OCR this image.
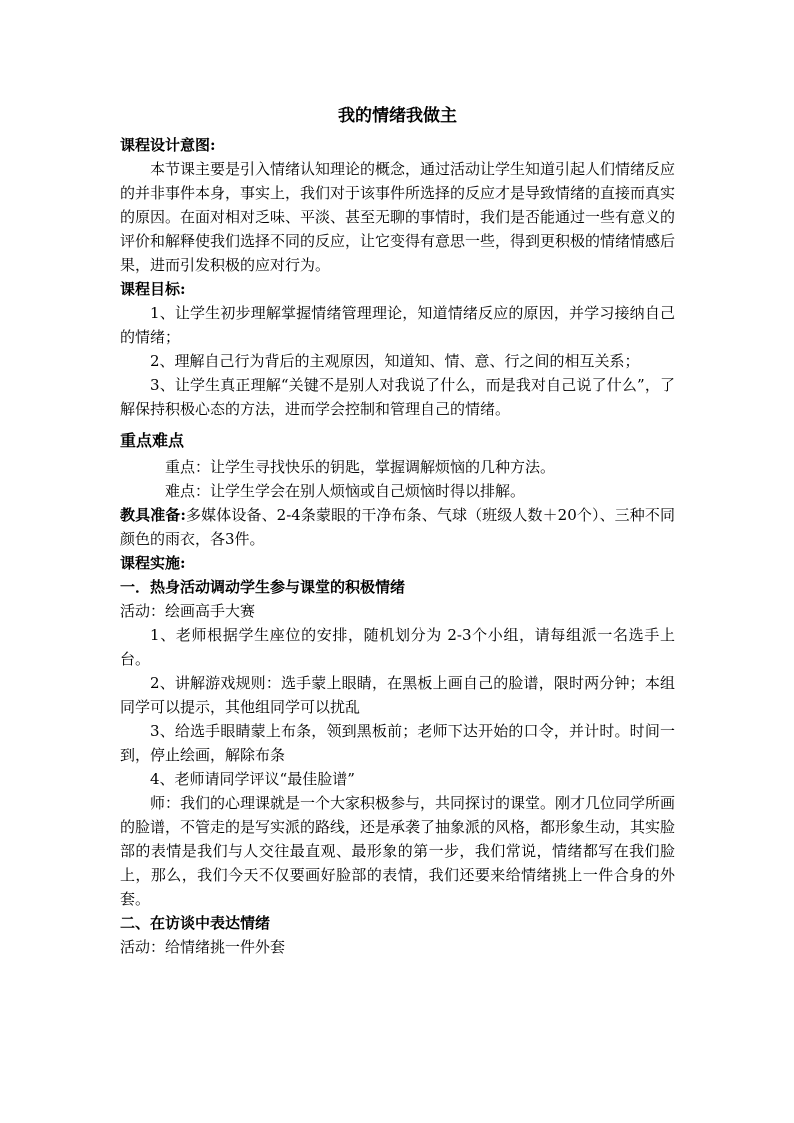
我的情绪我做主
课程设计意图:

本节课主要是引入情绪认知理论的概念，通过活动让学生知道引起人们情绪反应的并非事件本身，事实上，我们对于该事件所选择的反应才是导致情绪的直接而真实的原因。在面对相对乏味、平淡、甚至无聊的事情时，我们是否能通过一些有意义的评价和解释使我们选择不同的反应，让它变得有意思一些，得到更积极的情绪情感后果，进而引发积极的应对行为。

课程目标:

1、让学生初步理解掌握情绪管理理论，知道情绪反应的原因，并学习接纳自己的情绪；

2、理解自己行为背后的主观原因，知道知、情、意、行之间的相互关系；

3、让学生真正理解“关键不是别人对我说了什么，而是我对自己说了什么”，了解保持积极心态的方法，进而学会控制和管理自己的情绪。

重点难点

重点：让学生寻找快乐的钥匙，掌握调解烦恼的几种方法。

难点：让学生学会在别人烦恼或自己烦恼时得以排解。

教具准备:多媒体设备、2-4条蒙眼的干净布条、气球（班级人数＋20个）、三种不同颜色的雨衣，各3件。

课程实施:
一．热身活动调动学生参与课堂的积极情绪

活动：绘画高手大赛

1、老师根据学生座位的安排，随机划分为 2-3个小组，请每组派一名选手上台。

2、讲解游戏规则：选手蒙上眼睛，在黑板上画自己的脸谱，限时两分钟；本组同学可以提示，其他组同学可以扰乱

3、给选手眼睛蒙上布条，领到黑板前；老师下达开始的口令，并计时。时间一到，停止绘画，解除布条

4、老师请同学评议“最佳脸谱”

师：我们的心理课就是一个大家积极参与，共同探讨的课堂。刚才几位同学所画的脸谱，不管走的是写实派的路线，还是承袭了抽象派的风格，都形象生动，其实脸部的表情是我们与人交往最直观、最形象的第一步，我们常说，情绪都写在我们脸上，那么，我们今天不仅要画好脸部的表情，我们还要来给情绪挑上一件合身的外套。

二、在访谈中表达情绪

活动：给情绪挑一件外套
